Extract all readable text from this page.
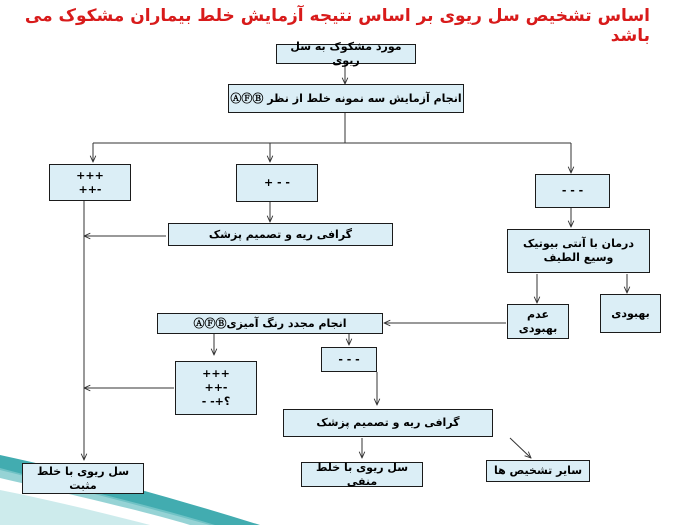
اساس تشخیص سل ریوی بر اساس نتیجه آزمایش خلط بیماران مشکوک می باشد
مورد مشکوک به سل ریوی
انجام آزمایش سه نمونه خلط از نظر

ⒶⒻⒷ
+++
++-	+ - -
- - -
گرافی ریه و تصمیم پزشک
درمان با آنتی بیوتیک
وسیع الطیف
عدم بهبودی
بهبودی
انجام مجدد رنگ آمیزی
ⒶⒻⒷ
+++
++-
- -+؟
- - -
گرافی ریه و تصمیم پزشک
سل ریوی با خلط مثبت
سل ریوی با خلط منفی
سایر تشخیص ها
